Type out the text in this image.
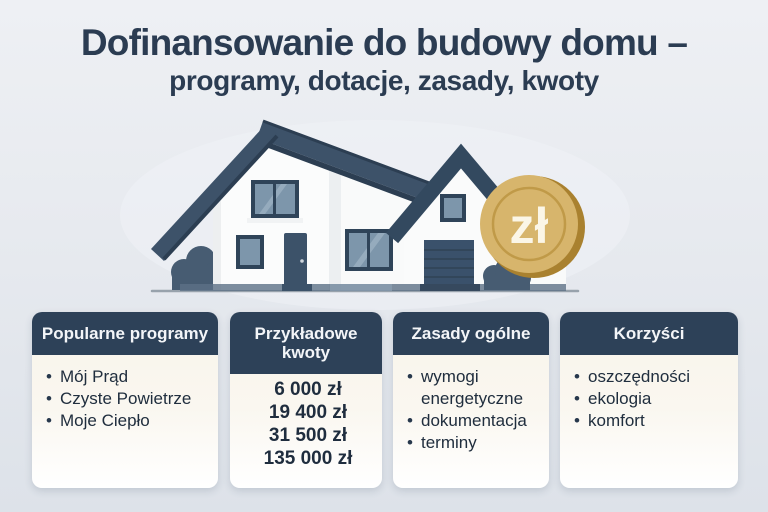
Dofinansowanie do budowy domu –
programy, dotacje, zasady, kwoty
zł
Popularne programy
• Mój Prąd
• Czyste Powietrze
• Moje Ciepło
Przykładowe kwoty
6 000 zł
19 400 zł
31 500 zł
135 000 zł
Zasady ogólne
• wymogi energetyczne
• dokumentacja
• terminy
Korzyści
• oszczędności
• ekologia
• komfort
